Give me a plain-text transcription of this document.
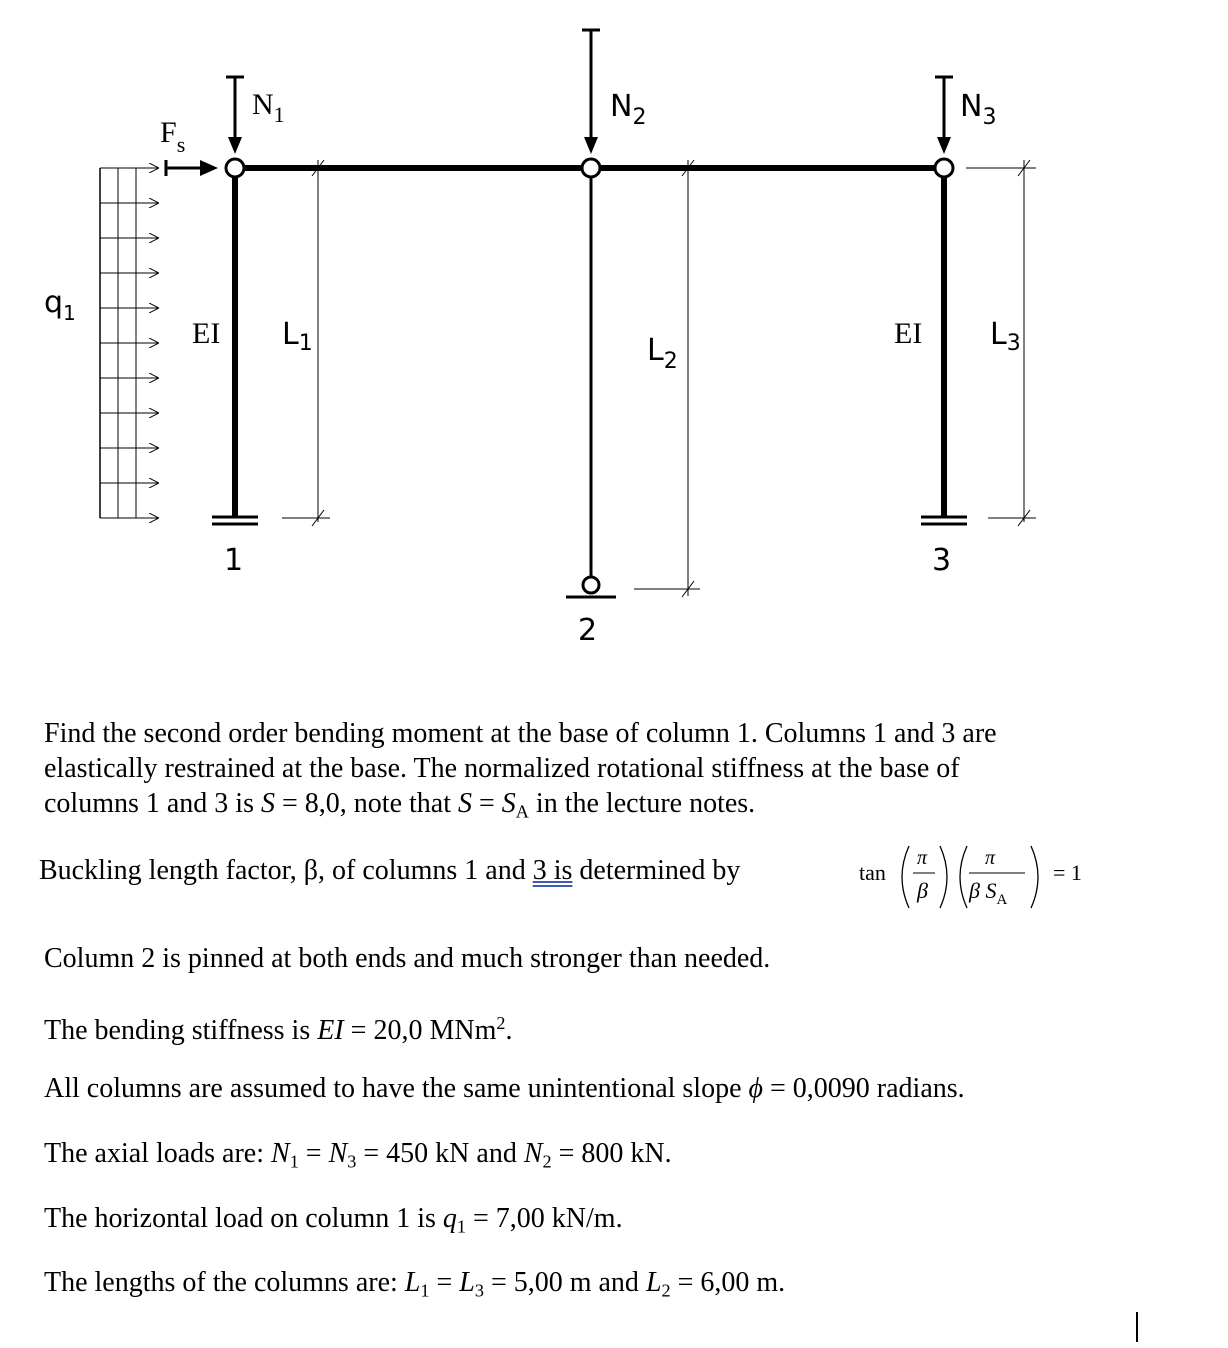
$q_1$
$F_s$
$N_1$	$N_2$	$N_3$
EI	EI
1
2
3
$L_1$	$L_2$
$L_3$
Find the second order bending moment at the base of column 1. Columns 1 and 3 are
elastically restrained at the base. The normalized rotational stiffness at the base of
columns 1 and 3 is S = 8,0, note that $S = S_A$ in the lecture notes.
Buckling length factor, β, of columns 1 and 3 is determined by	tan
π
β
π
β $S_A$
= 1
Column 2 is pinned at both ends and much stronger than needed.
The bending stiffness is EI = 20,0 MNm$^2$.
All columns are assumed to have the same unintentional slope ϕ = 0,0090 radians.
The axial loads are: $N_1 = N_3 = 450$ kN and $N_2 = 800$ kN.
The horizontal load on column 1 is $q_1 = 7,00$ kN/m.
The lengths of the columns are: $L_1 = L_3 = 5,00$ m and $L_2 = 6,00$ m.
